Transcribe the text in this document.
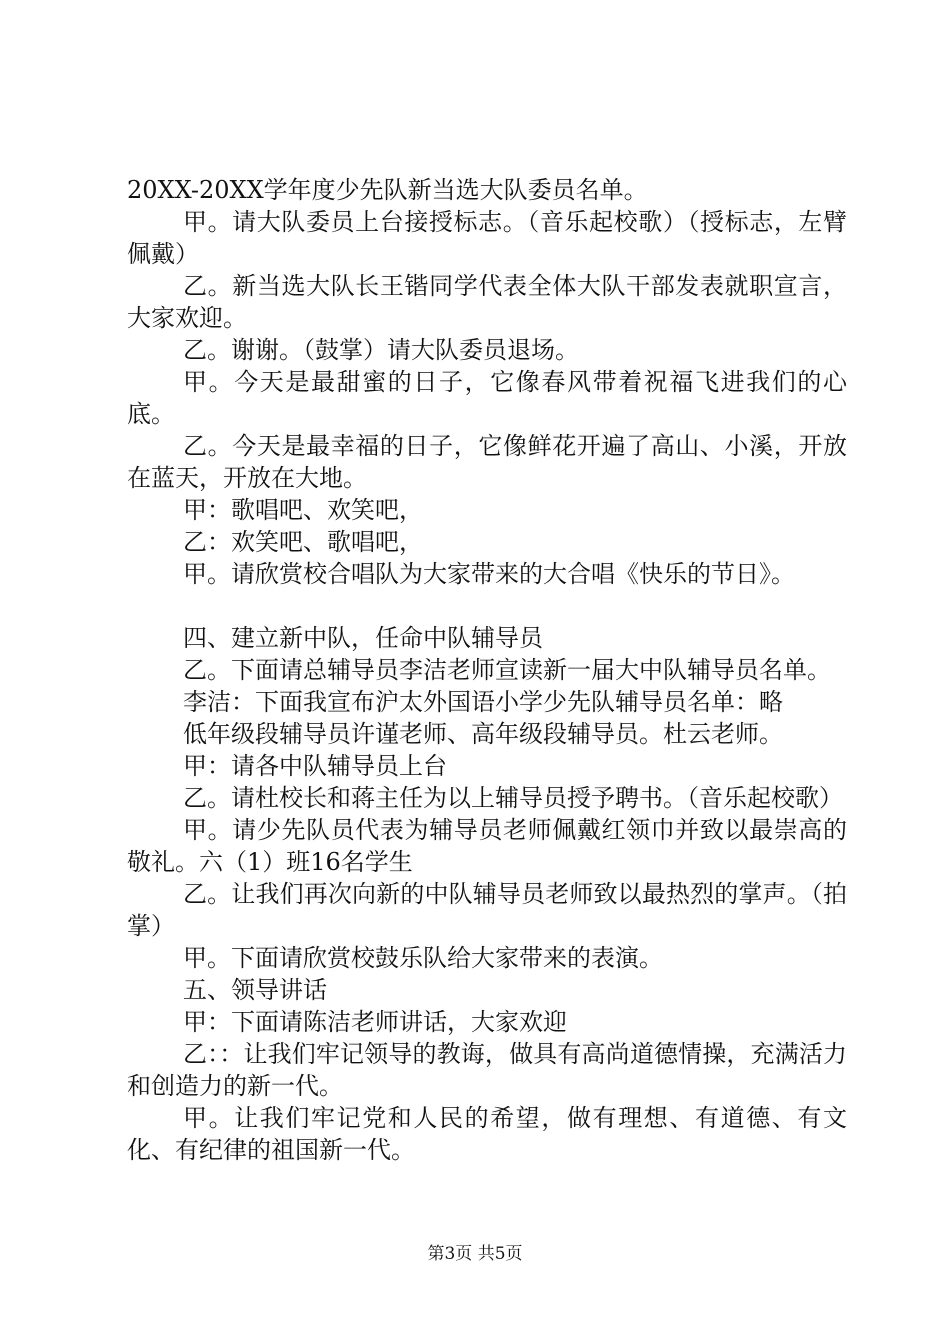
20XX-20XX学年度少先队新当选大队委员名单。

甲。请大队委员上台接授标志。（音乐起校歌）（授标志，左臂佩戴）

乙。新当选大队长王锴同学代表全体大队干部发表就职宣言，大家欢迎。

乙。谢谢。（鼓掌）请大队委员退场。

甲。今天是最甜蜜的日子，它像春风带着祝福飞进我们的心底。

乙。今天是最幸福的日子，它像鲜花开遍了高山、小溪，开放在蓝天，开放在大地。

甲：歌唱吧、欢笑吧，

乙：欢笑吧、歌唱吧，

甲。请欣赏校合唱队为大家带来的大合唱《快乐的节日》。

四、建立新中队，任命中队辅导员

乙。下面请总辅导员李洁老师宣读新一届大中队辅导员名单。

李洁：下面我宣布沪太外国语小学少先队辅导员名单：略

低年级段辅导员许谨老师、高年级段辅导员。杜云老师。

甲：请各中队辅导员上台

乙。请杜校长和蒋主任为以上辅导员授予聘书。（音乐起校歌）

甲。请少先队员代表为辅导员老师佩戴红领巾并致以最崇高的敬礼。六（1）班16名学生

乙。让我们再次向新的中队辅导员老师致以最热烈的掌声。（拍掌）

甲。下面请欣赏校鼓乐队给大家带来的表演。

五、领导讲话

甲：下面请陈洁老师讲话，大家欢迎

乙：：让我们牢记领导的教诲，做具有高尚道德情操，充满活力和创造力的新一代。

甲。让我们牢记党和人民的希望，做有理想、有道德、有文化、有纪律的祖国新一代。

第3页 共5页
